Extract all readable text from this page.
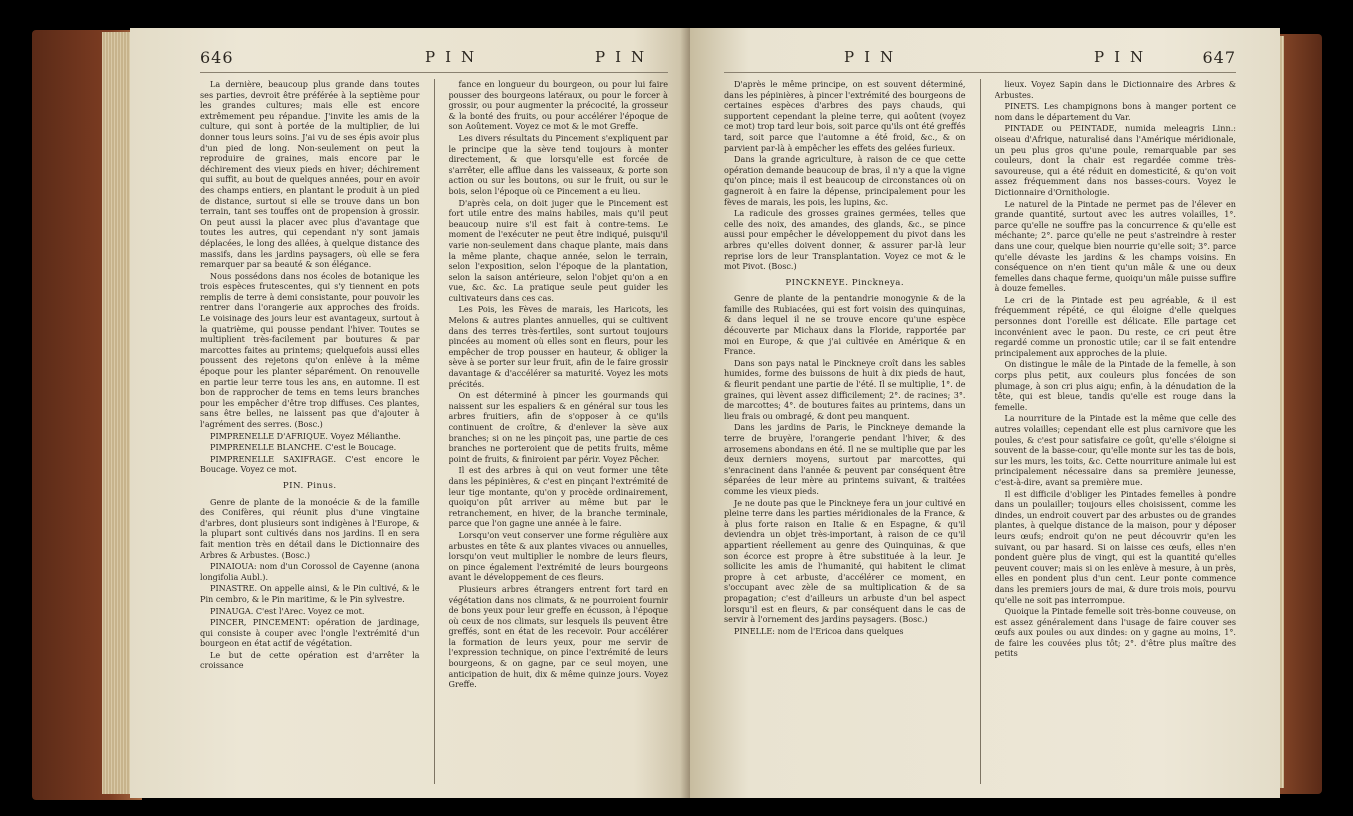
646	PIN	PIN

La dernière, beaucoup plus grande dans toutes ses parties, devroit être préférée à la septième pour les grandes cultures; mais elle est encore extrêmement peu répandue. J'invite les amis de la culture, qui sont à portée de la multiplier, de lui donner tous leurs soins. J'ai vu de ses épis avoir plus d'un pied de long. Non-seulement on peut la reproduire de graines, mais encore par le déchirement des vieux pieds en hiver; déchirement qui suffit, au bout de quelques années, pour en avoir des champs entiers, en plantant le produit à un pied de distance, surtout si elle se trouve dans un bon terrain, tant ses touffes ont de propension à grossir. On peut aussi la placer avec plus d'avantage que toutes les autres, qui cependant n'y sont jamais déplacées, le long des allées, à quelque distance des massifs, dans les jardins paysagers, où elle se fera remarquer par sa beauté & son élégance.

Nous possédons dans nos écoles de botanique les trois espèces frutescentes, qui s'y tiennent en pots remplis de terre à demi consistante, pour pouvoir les rentrer dans l'orangerie aux approches des froids. Le voisinage des jours leur est avantageux, surtout à la quatrième, qui pousse pendant l'hiver. Toutes se multiplient très-facilement par boutures & par marcottes faites au printems; quelquefois aussi elles poussent des rejetons qu'on enlève à la même époque pour les planter séparément. On renouvelle en partie leur terre tous les ans, en automne. Il est bon de rapprocher de tems en tems leurs branches pour les empêcher d'être trop diffuses. Ces plantes, sans être belles, ne laissent pas que d'ajouter à l'agrément des serres. (Bosc.)

PIMPRENELLE D'AFRIQUE. Voyez Mélianthe.

PIMPRENELLE BLANCHE. C'est le Boucage.

PIMPRENELLE SAXIFRAGE. C'est encore le Boucage. Voyez ce mot.

PIN. Pinus.

Genre de plante de la monoécie & de la famille des Conifères, qui réunit plus d'une vingtaine d'arbres, dont plusieurs sont indigènes à l'Europe, & la plupart sont cultivés dans nos jardins. Il en sera fait mention très en détail dans le Dictionnaire des Arbres & Arbustes. (Bosc.)

PINAIOUA: nom d'un Corossol de Cayenne (anona longifolia Aubl.).

PINASTRE. On appelle ainsi, & le Pin cultivé, & le Pin cembro, & le Pin maritime, & le Pin sylvestre.

PINAUGA. C'est l'Arec. Voyez ce mot.

PINCER, PINCEMENT: opération de jardinage, qui consiste à couper avec l'ongle l'extrémité d'un bourgeon en état actif de végétation.

Le but de cette opération est d'arrêter la croissance

fance en longueur du bourgeon, ou pour lui faire pousser des bourgeons latéraux, ou pour le forcer à grossir, ou pour augmenter la précocité, la grosseur & la bonté des fruits, ou pour accélérer l'époque de son Aoûtement. Voyez ce mot & le mot Greffe.

Les divers résultats du Pincement s'expliquent par le principe que la sève tend toujours à monter directement, & que lorsqu'elle est forcée de s'arrêter, elle afflue dans les vaisseaux, & porte son action ou sur les boutons, ou sur le fruit, ou sur le bois, selon l'époque où ce Pincement a eu lieu.

D'après cela, on doit juger que le Pincement est fort utile entre des mains habiles, mais qu'il peut beaucoup nuire s'il est fait à contre-tems. Le moment de l'exécuter ne peut être indiqué, puisqu'il varie non-seulement dans chaque plante, mais dans la même plante, chaque année, selon le terrain, selon l'exposition, selon l'époque de la plantation, selon la saison antérieure, selon l'objet qu'on a en vue, &c. &c. La pratique seule peut guider les cultivateurs dans ces cas.

Les Pois, les Fèves de marais, les Haricots, les Melons & autres plantes annuelles, qui se cultivent dans des terres très-fertiles, sont surtout toujours pincées au moment où elles sont en fleurs, pour les empêcher de trop pousser en hauteur, & obliger la sève à se porter sur leur fruit, afin de le faire grossir davantage & d'accélérer sa maturité. Voyez les mots précités.

On est déterminé à pincer les gourmands qui naissent sur les espaliers & en général sur tous les arbres fruitiers, afin de s'opposer à ce qu'ils continuent de croître, & d'enlever la sève aux branches; si on ne les pinçoit pas, une partie de ces branches ne porteroient que de petits fruits, même point de fruits, & finiroient par périr. Voyez Pêcher.

Il est des arbres à qui on veut former une tête dans les pépinières, & c'est en pinçant l'extrémité de leur tige montante, qu'on y procède ordinairement, quoiqu'on pût arriver au même but par le retranchement, en hiver, de la branche terminale, parce que l'on gagne une année à le faire.

Lorsqu'on veut conserver une forme régulière aux arbustes en tête & aux plantes vivaces ou annuelles, lorsqu'on veut multiplier le nombre de leurs fleurs, on pince également l'extrémité de leurs bourgeons avant le développement de ces fleurs.

Plusieurs arbres étrangers entrent fort tard en végétation dans nos climats, & ne pourroient fournir de bons yeux pour leur greffe en écusson, à l'époque où ceux de nos climats, sur lesquels ils peuvent être greffés, sont en état de les recevoir. Pour accélérer la formation de leurs yeux, pour me servir de l'expression technique, on pince l'extrémité de leurs bourgeons, & on gagne, par ce seul moyen, une anticipation de huit, dix & même quinze jours. Voyez Greffe.

PIN	PIN	647

D'après le même principe, on est souvent déterminé, dans les pépinières, à pincer l'extrémité des bourgeons de certaines espèces d'arbres des pays chauds, qui supportent cependant la pleine terre, qui aoûtent (voyez ce mot) trop tard leur bois, soit parce qu'ils ont été greffés tard, soit parce que l'automne a été froid, &c., & on parvient par-là à empêcher les effets des gelées furieux.

Dans la grande agriculture, à raison de ce que cette opération demande beaucoup de bras, il n'y a que la vigne qu'on pince; mais il est beaucoup de circonstances où on gagneroit à en faire la dépense, principalement pour les fèves de marais, les pois, les lupins, &c.

La radicule des grosses graines germées, telles que celle des noix, des amandes, des glands, &c., se pince aussi pour empêcher le développement du pivot dans les arbres qu'elles doivent donner, & assurer par-là leur reprise lors de leur Transplantation. Voyez ce mot & le mot Pivot. (Bosc.)

PINCKNEYE. Pinckneya.

Genre de plante de la pentandrie monogynie & de la famille des Rubiacées, qui est fort voisin des quinquinas, & dans lequel il ne se trouve encore qu'une espèce découverte par Michaux dans la Floride, rapportée par moi en Europe, & que j'ai cultivée en Amérique & en France.

Dans son pays natal le Pinckneye croît dans les sables humides, forme des buissons de huit à dix pieds de haut, & fleurit pendant une partie de l'été. Il se multiplie, 1°. de graines, qui lèvent assez difficilement; 2°. de racines; 3°. de marcottes; 4°. de boutures faites au printems, dans un lieu frais ou ombragé, & dont peu manquent.

Dans les jardins de Paris, le Pinckneye demande la terre de bruyère, l'orangerie pendant l'hiver, & des arrosemens abondans en été. Il ne se multiplie que par les deux derniers moyens, surtout par marcottes, qui s'enracinent dans l'année & peuvent par conséquent être séparées de leur mère au printems suivant, & traitées comme les vieux pieds.

Je ne doute pas que le Pinckneye fera un jour cultivé en pleine terre dans les parties méridionales de la France, & à plus forte raison en Italie & en Espagne, & qu'il deviendra un objet très-important, à raison de ce qu'il appartient réellement au genre des Quinquinas, & que son écorce est propre à être substituée à la leur. Je sollicite les amis de l'humanité, qui habitent le climat propre à cet arbuste, d'accélérer ce moment, en s'occupant avec zèle de sa multiplication & de sa propagation; c'est d'ailleurs un arbuste d'un bel aspect lorsqu'il est en fleurs, & par conséquent dans le cas de servir à l'ornement des jardins paysagers. (Bosc.)

PINELLE: nom de l'Ericoa dans quelques

lieux. Voyez Sapin dans le Dictionnaire des Arbres & Arbustes.

PINETS. Les champignons bons à manger portent ce nom dans le département du Var.

PINTADE ou PEINTADE, numida meleagris Linn.: oiseau d'Afrique, naturalisé dans l'Amérique méridionale, un peu plus gros qu'une poule, remarquable par ses couleurs, dont la chair est regardée comme très-savoureuse, qui a été réduit en domesticité, & qu'on voit assez fréquemment dans nos basses-cours. Voyez le Dictionnaire d'Ornithologie.

Le naturel de la Pintade ne permet pas de l'élever en grande quantité, surtout avec les autres volailles, 1°. parce qu'elle ne souffre pas la concurrence & qu'elle est méchante; 2°. parce qu'elle ne peut s'astreindre à rester dans une cour, quelque bien nourrie qu'elle soit; 3°. parce qu'elle dévaste les jardins & les champs voisins. En conséquence on n'en tient qu'un mâle & une ou deux femelles dans chaque ferme, quoiqu'un mâle puisse suffire à douze femelles.

Le cri de la Pintade est peu agréable, & il est fréquemment répété, ce qui éloigne d'elle quelques personnes dont l'oreille est délicate. Elle partage cet inconvénient avec le paon. Du reste, ce cri peut être regardé comme un pronostic utile; car il se fait entendre principalement aux approches de la pluie.

On distingue le mâle de la Pintade de la femelle, à son corps plus petit, aux couleurs plus foncées de son plumage, à son cri plus aigu; enfin, à la dénudation de la tête, qui est bleue, tandis qu'elle est rouge dans la femelle.

La nourriture de la Pintade est la même que celle des autres volailles; cependant elle est plus carnivore que les poules, & c'est pour satisfaire ce goût, qu'elle s'éloigne si souvent de la basse-cour, qu'elle monte sur les tas de bois, sur les murs, les toits, &c. Cette nourriture animale lui est principalement nécessaire dans sa première jeunesse, c'est-à-dire, avant sa première mue.

Il est difficile d'obliger les Pintades femelles à pondre dans un poulailler; toujours elles choisissent, comme les dindes, un endroit couvert par des arbustes ou de grandes plantes, à quelque distance de la maison, pour y déposer leurs œufs; endroit qu'on ne peut découvrir qu'en les suivant, ou par hasard. Si on laisse ces œufs, elles n'en pondent guère plus de vingt, qui est la quantité qu'elles peuvent couver; mais si on les enlève à mesure, à un près, elles en pondent plus d'un cent. Leur ponte commence dans les premiers jours de mai, & dure trois mois, pourvu qu'elle ne soit pas interrompue.

Quoique la Pintade femelle soit très-bonne couveuse, on est assez généralement dans l'usage de faire couver ses œufs aux poules ou aux dindes: on y gagne au moins, 1°. de faire les couvées plus tôt; 2°. d'être plus maître des petits
